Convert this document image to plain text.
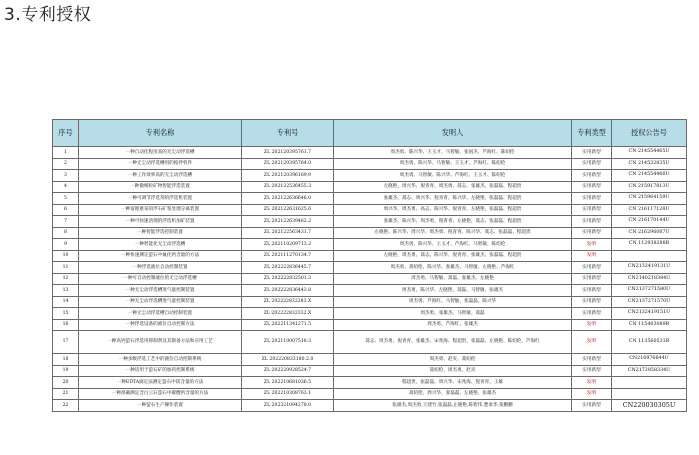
3.专利授权
序号	专利名称	专利号	发明人	专利类型	授权公告号
1	一种自动化程度高的无尘动浮选槽	ZL 202120395761.7	周杰勇、陈兴华、王玉才、马智敏、张国杰、芦海红、陈绍伦	实用新型	CN 214554465U
2	一种无尘动浮选槽用的搅拌机件	ZL 202120395764.0	周杰勇、陈兴华、马智敏、王玉才、芦海红、陈绍伦	实用新型	CN 214532835U
3	一种工作效率高的无尘动浮选槽	ZL 202120396169.9	周杰勇、马智敏、陈兴华、芦海红、王玉才、陈绍伦	实用新型	CN 214554466U
4	一种微细粒矿物智能浮选装置	ZL 202122536455.3	左晓艳、周兴华、倪青青、周杰勇、蒿志、张雄杰、张磊磊、程超贵	实用新型	CN 215917813U
5	一种可调节浮选剂的浮选机装置	ZL 202122636646.0	张雄杰、蒿志、周兴华、倪青青、陈兴华、左晓艳、张磊磊、程超贵	实用新型	CN 215964159U
6	一种富锂难采的浮石矿浆处理分离装置	ZL 202122631625.6	周兴华、周杰勇、高志、陈兴华、倪青青、左晓艳、张磊磊、程超贵	实用新型	CN 216117128U
7	一种可快速清理的浮选机加矿装置	ZL 202122639462.2	张雄杰、陈兴华、周杰勇、倪青青、左晓艳、蒿志、张磊磊、程超贵	实用新型	CN 216170144U
8	一种智能浮选控制装置	ZL 202122563431.7	左晓艳、陈兴华、周兴华、周杰勇、倪青青、陈兴华、蒿志、张磊磊、程超贵	实用新型	CN 216296087U
9	一种智能化无尘动浮选槽	ZL 202110209713.2	周杰勇、陈兴华、王玉才、芦海红、马智敏、陈绍伦	发明	CN 112938288B
10	一种快速测定萤石中氟化钙含量的方法	ZL 202111270134.7	左晓艳、周杰勇、蒿志、陈兴华、倪青青、张雄杰、张磊磊、程超贵	发明	
11	一种浮选液位自动控制装置	ZL 202222836445.7	周杰勇、蒿绍伦、陈兴华、张雄杰、马智敏、左晓艳、芦海红	实用新型	CN2132419131U
12	一种可自动控制液位的无尘动浮选槽	ZL 202222832501.3	周杰勇、马智敏、蒿磊、张雄杰、左晓艳	实用新型	CN2140218384U
13	一种无尘动浮选槽进气量控制装置	ZL 202222836443.8	周杰勇、陈兴华、左晓艳、蒿磊、马智敏、张雄杰	实用新型	CN2137271580U
14	一种无尘动浮选槽进气量控制装置	ZL 202222832283.X	周杰勇、芦海红、马智敏、张磊磊、陈兴华	实用新型	CN2137271570U
15	一种无尘动浮选槽自动控制装置	ZL 202222832332.X	周杰勇、张雄杰、马智敏、蒿磊	实用新型	CN2132419151U
16	一种浮选设备的液位自动控制方法	ZL 202211341271.5	周杰勇、芦海红、张雄杰	发明	CN 115403089B
17	一种高钙萤石浮选用抑制剂及其制备方法和应用工艺	ZL 202110007518.3	蒿志、周杰勇、倪青青、张雄杰、宋兆海、程超贵、张磊磊、左晓艳、陈绍伦、芦海红	发明	CN 113560531B
18	一种多级浮选工艺中的液位自动控制系统	ZL 202220833180.2.0	周杰勇、赵炎、蒿绍伦	实用新型	CN216976644U
19	一种适用于萤石矿的加药控制系统	ZL 202220928524.7	蒿绍伦、周杰勇、赵炎	实用新型	CN2172858334U
20	一种EDTA滴定法测定萤石中镁含量的方法	ZL 202210681036.5	程超贵、张磊磊、周兴华、宋兆海、倪青青、王雄	发明	
21	一种准确测定含白云石萤石中碳酸钙含量的方法	ZL 202210308763.1	蒿绍伦、周兴华、张磊磊、左晓艳、张雄杰	发明	
22	一种萤石生产操作装置	ZL 202321094278.0	张雄杰,周杰勇,王建竹,张磊磊,左晓艳,陈智伟,楚承华,张鹏鹏	实用新型	CN220030305U
